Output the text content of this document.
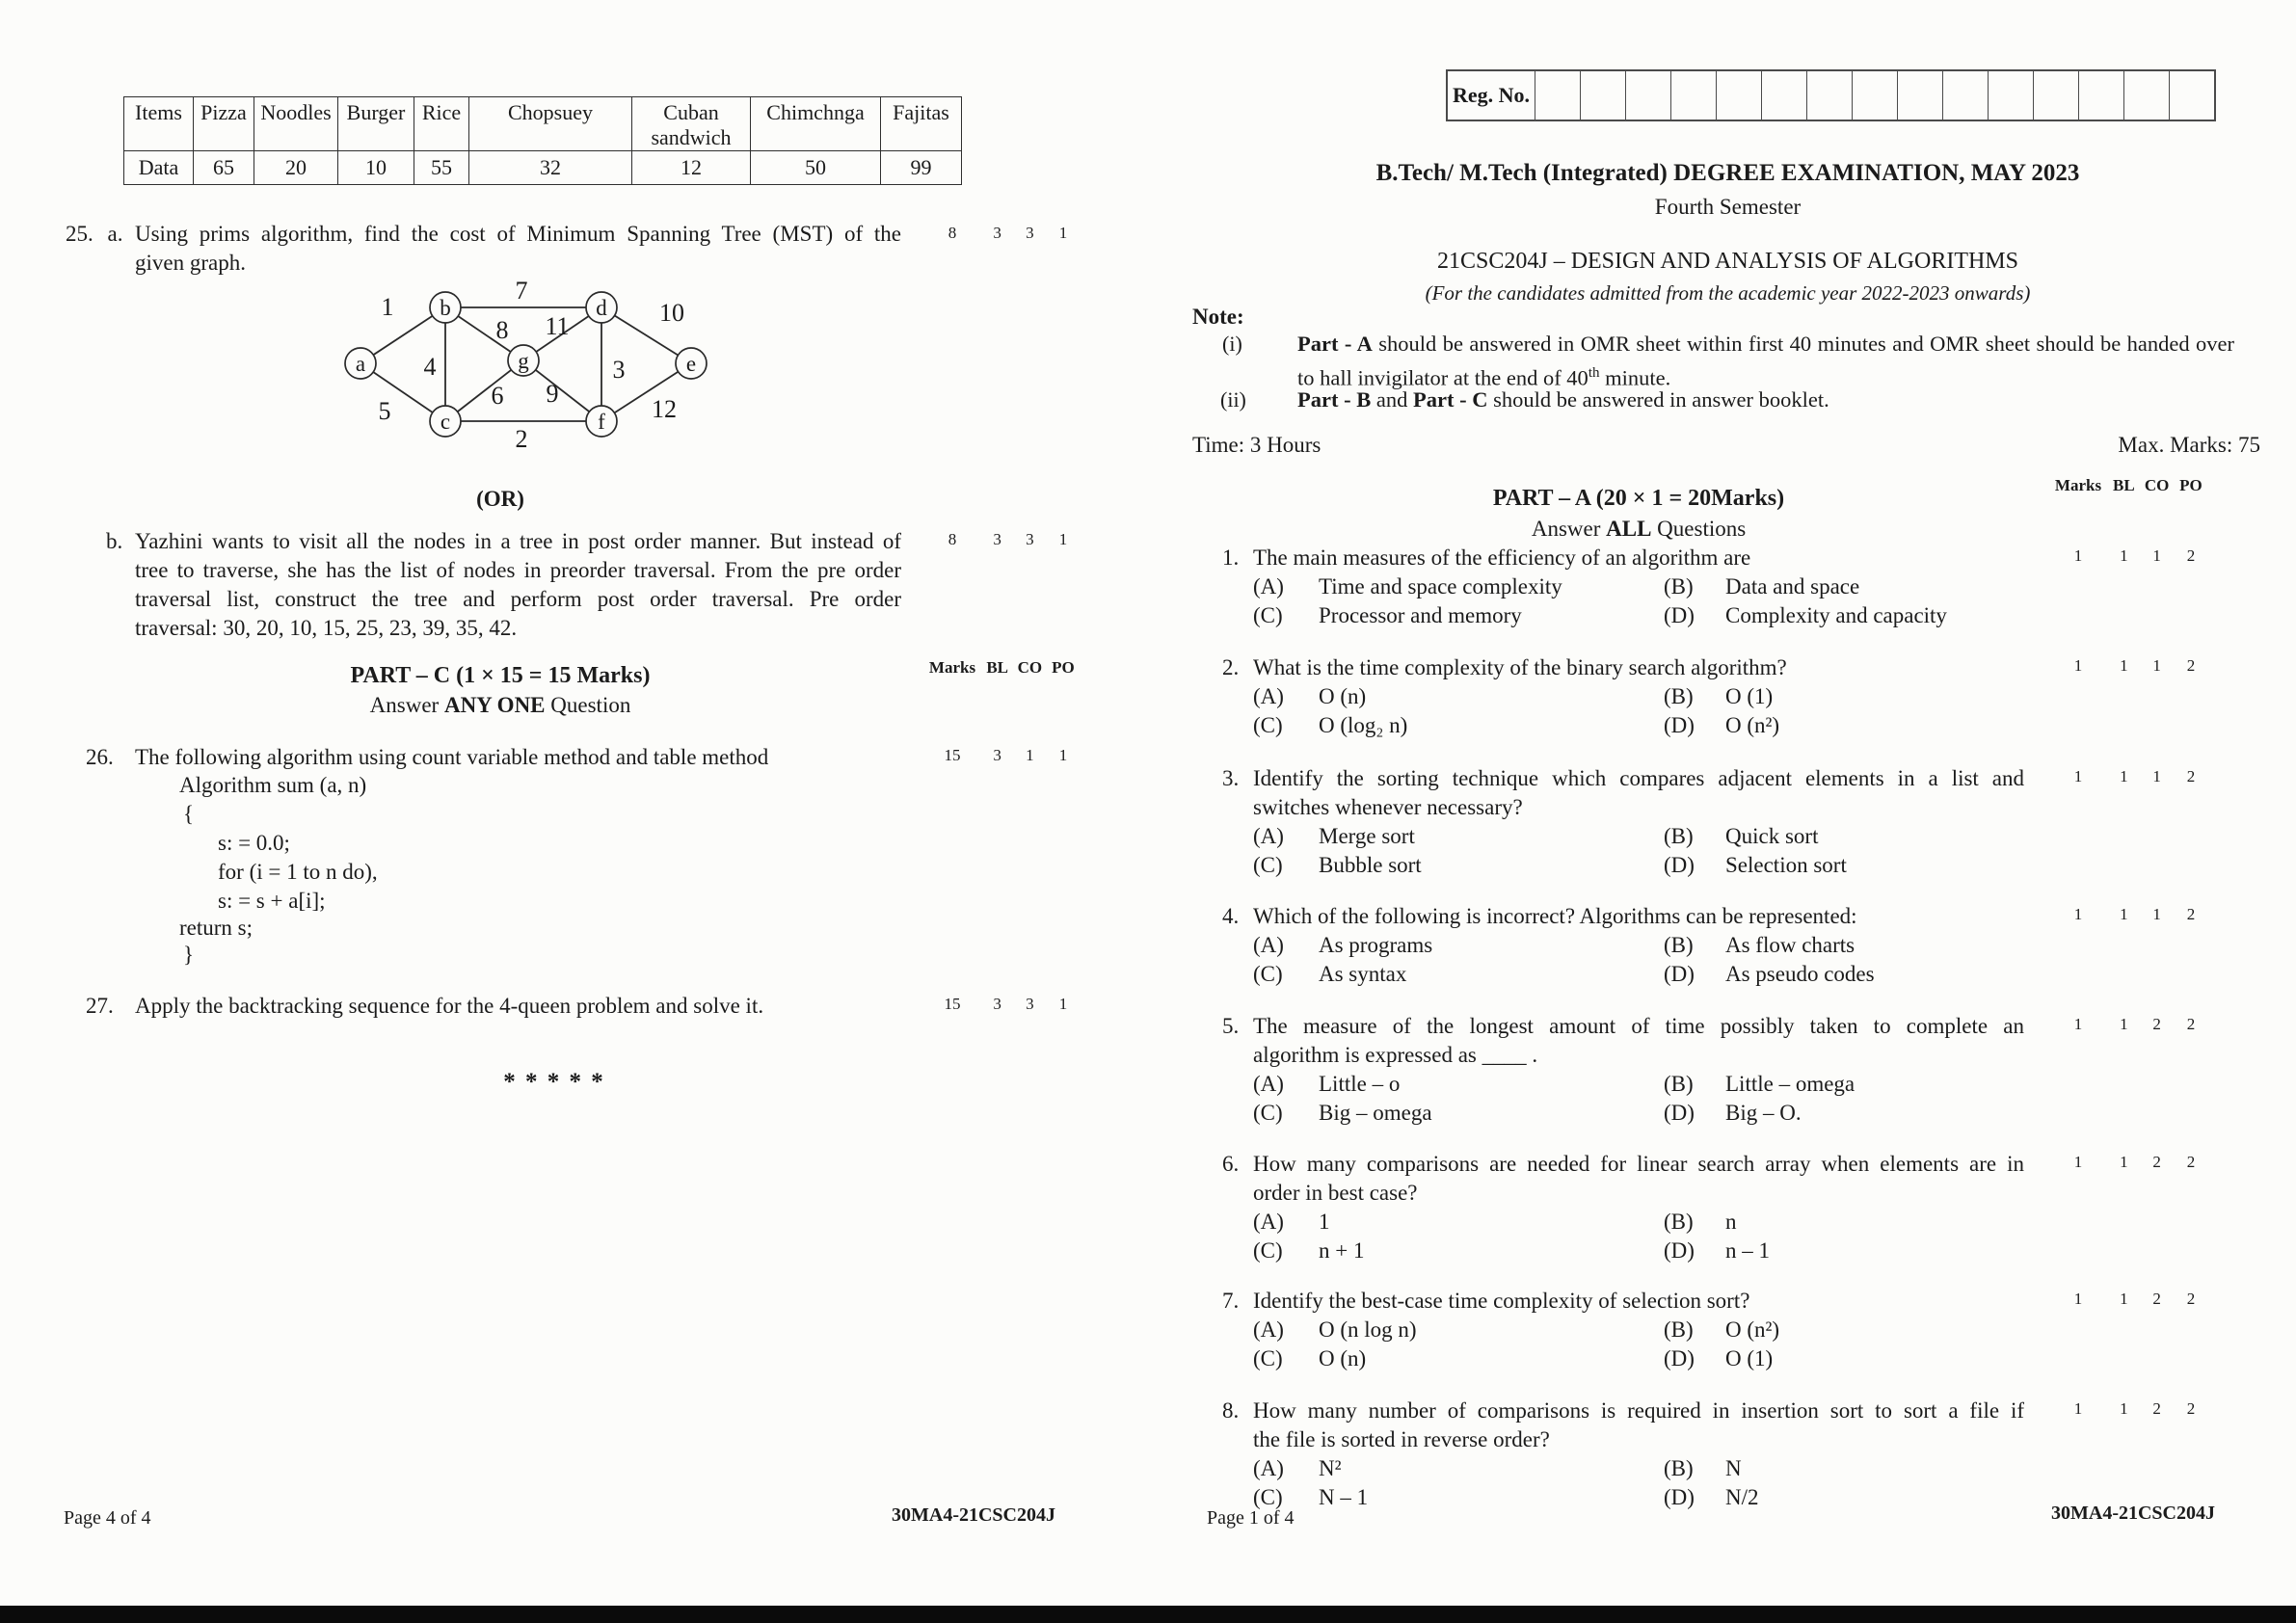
Items	Pizza	Noodles	Burger	Rice	Chopsuey	Cuban sandwich	Chimchnga	Fajitas
Data	65	20	10	55	32	12	50	99
25. a. Using prims algorithm, find the cost of Minimum Spanning Tree (MST) of the
given graph.
a
b
c
d
e
f
g
1
7
10
8 11
4	3
5
6 9
2
12
(OR)
b. Yazhini wants to visit all the nodes in a tree in post order manner. But instead of
tree to traverse, she has the list of nodes in preorder traversal. From the pre order
traversal list, construct the tree and perform post order traversal. Pre order
traversal: 30, 20, 10, 15, 25, 23, 39, 35, 42.
PART – C (1 × 15 = 15 Marks)
Answer ANY ONE Question
26. The following algorithm using count variable method and table method
27. Apply the backtracking sequence for the 4-queen problem and solve it.
* * * * *
Page 4 of 4	30MA4-21CSC204J
Reg. No.
B.Tech/ M.Tech (Integrated) DEGREE EXAMINATION, MAY 2023
Fourth Semester
21CSC204J – DESIGN AND ANALYSIS OF ALGORITHMS
(For the candidates admitted from the academic year 2022-2023 onwards)
Note:
Time: 3 Hours	Max. Marks: 75
PART – A (20 × 1 = 20Marks)
Answer ALL Questions
1. The main measures of the efficiency of an algorithm are
(A) Time and space complexity	(B) Data and space
(C) Processor and memory	(D) Complexity and capacity
2. What is the time complexity of the binary search algorithm?
(A) O (n)	(B) O (1)
(C) O (log₂ n)	(D) O (n²)
3. Identify the sorting technique which compares adjacent elements in a list and
switches whenever necessary?
(A) Merge sort	(B) Quick sort
(C) Bubble sort	(D) Selection sort
4. Which of the following is incorrect? Algorithms can be represented:
(A) As programs	(B) As flow charts
(C) As syntax	(D) As pseudo codes
5. The measure of the longest amount of time possibly taken to complete an
algorithm is expressed as ____ .
(A) Little – o	(B) Little – omega
(C) Big – omega	(D) Big – O.
6. How many comparisons are needed for linear search array when elements are in
order in best case?
(A) 1	(B) n
(C) n + 1	(D) n – 1
7. Identify the best-case time complexity of selection sort?
(A) O (n log n)	(B) O (n²)
(C) O (n)	(D) O (1)
8. How many number of comparisons is required in insertion sort to sort a file if
the file is sorted in reverse order?
(A) N²	(B) N
(C) N – 1	(D) N/2
Page 1 of 4	30MA4-21CSC204J
Algorithm sum (a, n)
{
s: = 0.0;
for (i = 1 to n do),
s: = s + a[i];
return s;
}
8	3	3	1
8	3	3	1
Marks BL CO PO
15	3	1	1
15	3	3	1
(i)	Part - A should be answered in OMR sheet within first 40 minutes and OMR sheet should be handed over
to hall invigilator at the end of 40th minute.
(ii) Part - B and Part - C should be answered in answer booklet.
Marks BL CO PO
1	1	1	2
1	1	1	2
1	1	1	2
1	1	1	2
1	1	2	2
1	1	2	2
1	1	2	2
1	1	2	2
